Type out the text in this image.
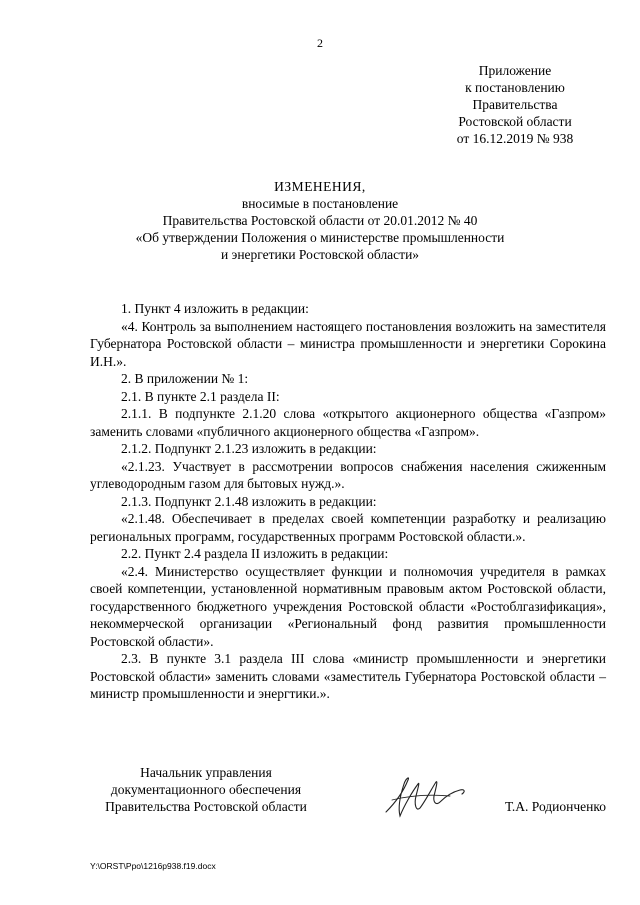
2
Приложение
к постановлению
Правительства
Ростовской области
от 16.12.2019 № 938
ИЗМЕНЕНИЯ,
вносимые в постановление
Правительства Ростовской области от 20.01.2012 № 40
«Об утверждении Положения о министерстве промышленности
и энергетики Ростовской области»

1. Пункт 4 изложить в редакции:

«4. Контроль за выполнением настоящего постановления возложить на заместителя Губернатора Ростовской области – министра промышленности и энергетики Сорокина И.Н.».

2. В приложении № 1:

2.1. В пункте 2.1 раздела II:

2.1.1. В подпункте 2.1.20 слова «открытого акционерного общества «Газпром» заменить словами «публичного акционерного общества «Газпром».

2.1.2. Подпункт 2.1.23 изложить в редакции:

«2.1.23. Участвует в рассмотрении вопросов снабжения населения сжиженным углеводородным газом для бытовых нужд.».

2.1.3. Подпункт 2.1.48 изложить в редакции:

«2.1.48. Обеспечивает в пределах своей компетенции разработку и реализацию региональных программ, государственных программ Ростовской области.».

2.2. Пункт 2.4 раздела II изложить в редакции:

«2.4. Министерство осуществляет функции и полномочия учредителя в рамках своей компетенции, установленной нормативным правовым актом Ростовской области, государственного бюджетного учреждения Ростовской области «Ростоблгазификация», некоммерческой организации «Региональный фонд развития промышленности Ростовской области».

2.3. В пункте 3.1 раздела III слова «министр промышленности и энергетики Ростовской области» заменить словами «заместитель Губернатора Ростовской области – министр промышленности и энергтики.».

Начальник управления
документационного обеспечения
Правительства Ростовской области	Т.А. Родионченко
Y:\ORST\Ppo\1216p938.f19.docx
